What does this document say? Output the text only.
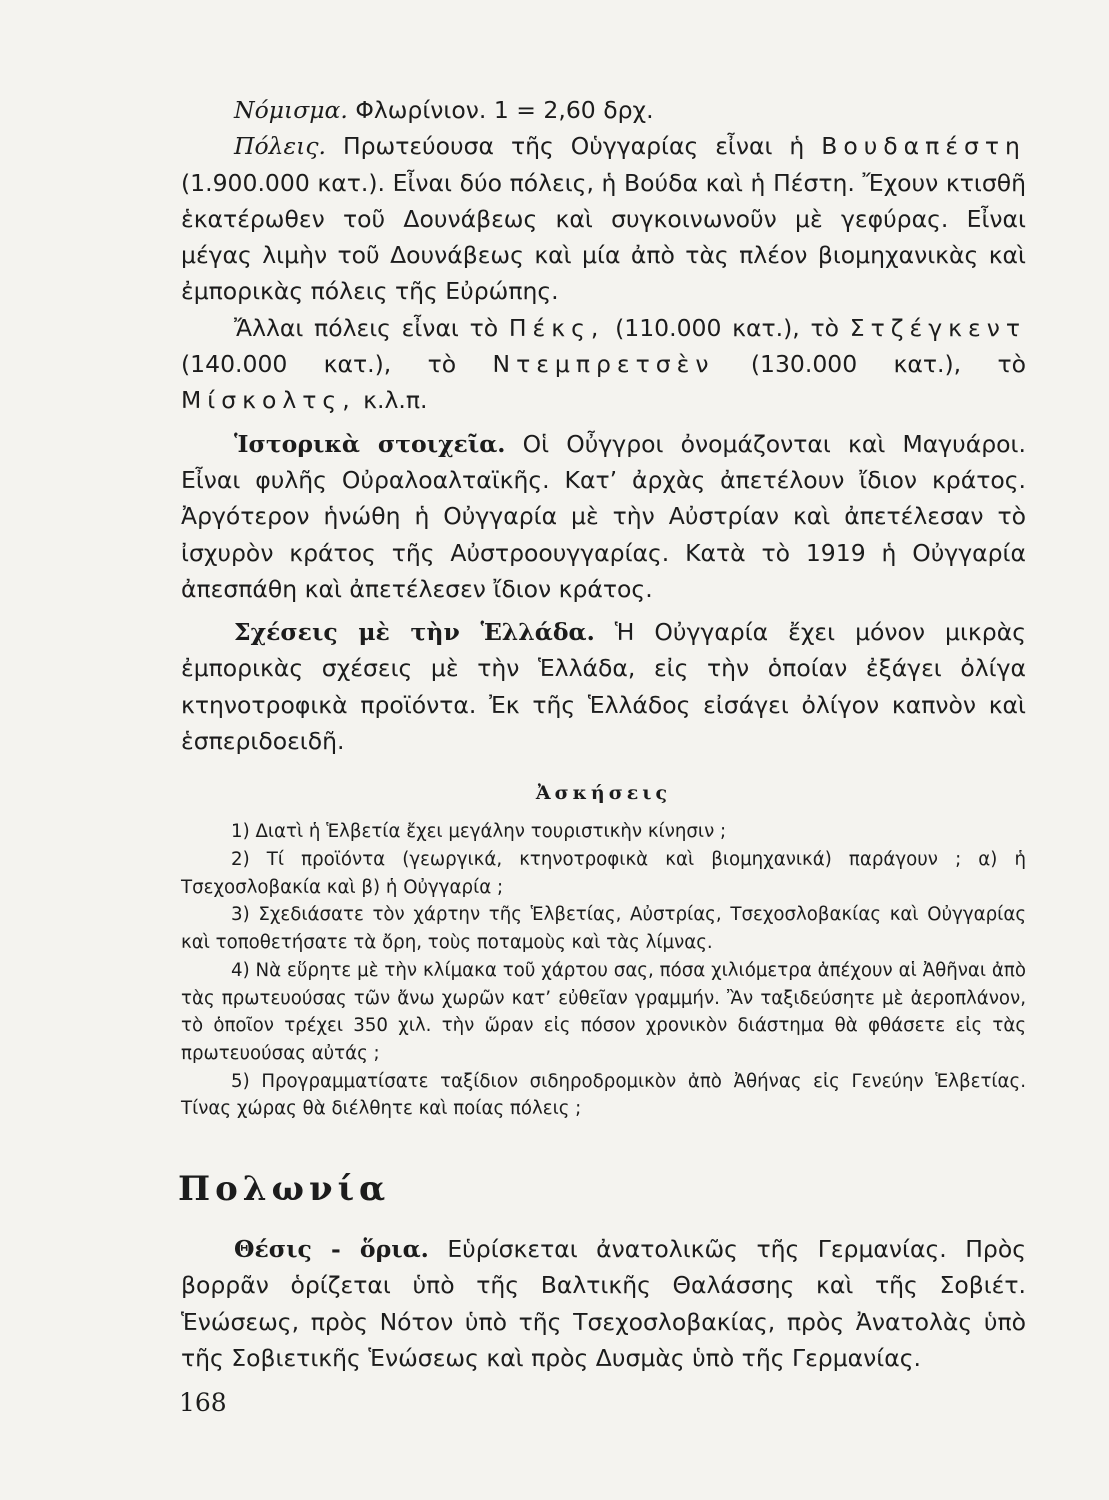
Νόμισμα. Φλωρίνιον. 1 = 2,60 δρχ.

Πόλεις. Πρωτεύουσα τῆς Οὑγγαρίας εἶναι ἡ Βουδαπέστη (1.900.000 κατ.). Εἶναι δύο πόλεις, ἡ Βούδα καὶ ἡ Πέστη. Ἔχουν κτισθῆ ἑκατέρωθεν τοῦ Δουνάβεως καὶ συγκοινωνοῦν μὲ γεφύρας. Εἶναι μέγας λιμὴν τοῦ Δουνάβεως καὶ μία ἀπὸ τὰς πλέον βιομηχανικὰς καὶ ἐμπορικὰς πόλεις τῆς Εὐρώπης.

Ἄλλαι πόλεις εἶναι τὸ Πέκς, (110.000 κατ.), τὸ Στζέγκεντ (140.000 κατ.), τὸ Ντεμπρετσὲν (130.000 κατ.), τὸ Μίσκολτς, κ.λ.π.

Ἱστορικὰ στοιχεῖα. Οἱ Οὖγγροι ὀνομάζονται καὶ Μαγυάροι. Εἶναι φυλῆς Οὐραλοαλταϊκῆς. Κατ’ ἀρχὰς ἀπετέλουν ἴδιον κράτος. Ἀργότερον ἡνώθη ἡ Οὐγγαρία μὲ τὴν Αὐστρίαν καὶ ἀπετέλεσαν τὸ ἰσχυρὸν κράτος τῆς Αὐστροουγγαρίας. Κατὰ τὸ 1919 ἡ Οὐγγαρία ἀπεσπάθη καὶ ἀπετέλεσεν ἴδιον κράτος.

Σχέσεις μὲ τὴν Ἑλλάδα. Ἡ Οὐγγαρία ἔχει μόνον μικρὰς ἐμπορικὰς σχέσεις μὲ τὴν Ἑλλάδα, εἰς τὴν ὁποίαν ἐξάγει ὀλίγα κτηνοτροφικὰ προϊόντα. Ἐκ τῆς Ἑλλάδος εἰσάγει ὀλίγον καπνὸν καὶ ἑσπεριδοειδῆ.

Ἀσκήσεις

1) Διατὶ ἡ Ἑλβετία ἔχει μεγάλην τουριστικὴν κίνησιν ;

2) Τί προϊόντα (γεωργικά, κτηνοτροφικὰ καὶ βιομηχανικά) παράγουν ; α) ἡ Τσεχοσλοβακία καὶ β) ἡ Οὐγγαρία ;

3) Σχεδιάσατε τὸν χάρτην τῆς Ἑλβετίας, Αὐστρίας, Τσεχοσλοβακίας καὶ Οὐγγαρίας καὶ τοποθετήσατε τὰ ὄρη, τοὺς ποταμοὺς καὶ τὰς λίμνας.

4) Νὰ εὕρητε μὲ τὴν κλίμακα τοῦ χάρτου σας, πόσα χιλιόμετρα ἀπέχουν αἱ Ἀθῆναι ἀπὸ τὰς πρωτευούσας τῶν ἄνω χωρῶν κατ’ εὐθεῖαν γραμμήν. Ἂν ταξιδεύσητε μὲ ἀεροπλάνον, τὸ ὁποῖον τρέχει 350 χιλ. τὴν ὥραν εἰς πόσον χρονικὸν διάστημα θὰ φθάσετε εἰς τὰς πρωτευούσας αὐτάς ;

5) Προγραμματίσατε ταξίδιον σιδηροδρομικὸν ἀπὸ Ἀθήνας εἰς Γενεύην Ἑλβετίας. Τίνας χώρας θὰ διέλθητε καὶ ποίας πόλεις ;

Πολωνία

Θέσις - ὅρια. Εὑρίσκεται ἀνατολικῶς τῆς Γερμανίας. Πρὸς βορρᾶν ὁρίζεται ὑπὸ τῆς Βαλτικῆς Θαλάσσης καὶ τῆς Σοβιέτ. Ἑνώσεως, πρὸς Νότον ὑπὸ τῆς Τσεχοσλοβακίας, πρὸς Ἀνατολὰς ὑπὸ τῆς Σοβιετικῆς Ἑνώσεως καὶ πρὸς Δυσμὰς ὑπὸ τῆς Γερμανίας.

168
